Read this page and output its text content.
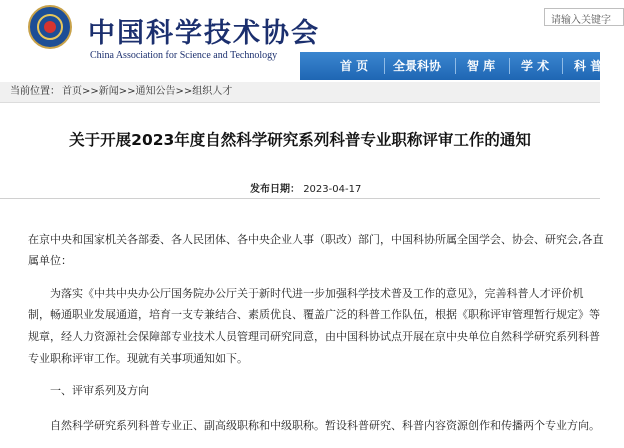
中国科学技术协会	请输入关键字
China Association for Science and Technology
首 页 全景科协 智 库 学 术 科 普
当前位置： 首页>>新闻>>通知公告>>组织人才
关于开展2023年度自然科学研究系列科普专业职称评审工作的通知
发布日期： 2023-04-17
在京中央和国家机关各部委、各人民团体、各中央企业人事（职改）部门，中国科协所属全国学会、协会、研究会,各直
属单位：
为落实《中共中央办公厅国务院办公厅关于新时代进一步加强科学技术普及工作的意见》，完善科普人才评价机
制，畅通职业发展通道，培育一支专兼结合、素质优良、覆盖广泛的科普工作队伍，根据《职称评审管理暂行规定》等
规章，经人力资源社会保障部专业技术人员管理司研究同意，由中国科协试点开展在京中央单位自然科学研究系列科普
专业职称评审工作。现就有关事项通知如下。
一、评审系列及方向
自然科学研究系列科普专业正、副高级职称和中级职称。暂设科普研究、科普内容资源创作和传播两个专业方向。
